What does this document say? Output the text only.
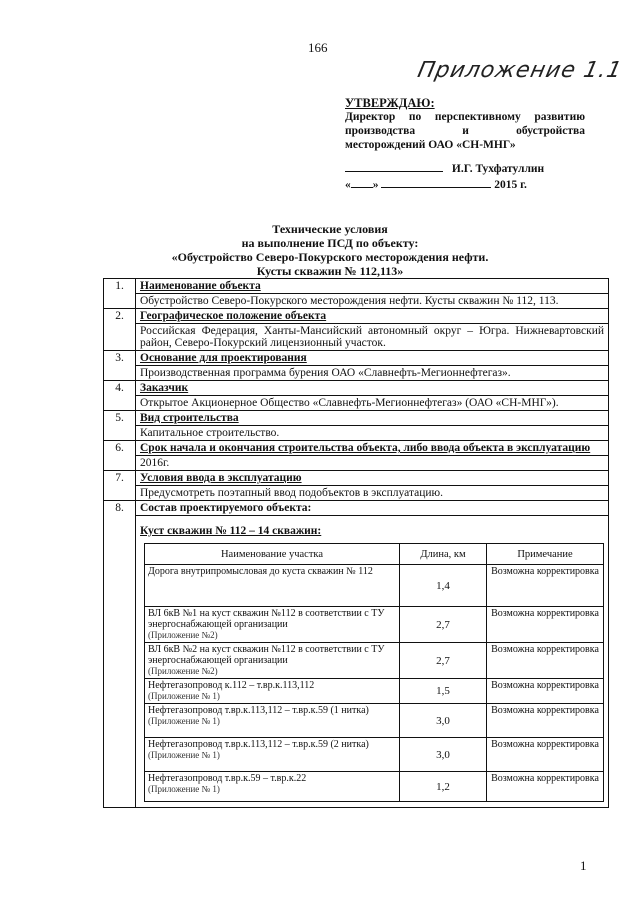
166
Приложение 1.1
УТВЕРЖДАЮ:
Директор по перспективному развитию
производства и обустройства
месторождений ОАО «СН-МНГ»
И.Г. Тухфатуллин
« »	2015 г.
Технические условия
на выполнение ПСД по объекту:
«Обустройство Северо-Покурского месторождения нефти.
Кусты скважин № 112,113»
1.	Наименование объекта
Обустройство Северо-Покурского месторождения нефти. Кусты скважин № 112, 113.
2.	Географическое положение объекта
Российская Федерация, Ханты-Мансийский автономный округ – Югра. Нижневартовский район, Северо-Покурский лицензионный участок.
3.	Основание для проектирования
Производственная программа бурения ОАО «Славнефть-Мегионнефтегаз».
4.	Заказчик
Открытое Акционерное Общество «Славнефть-Мегионнефтегаз» (ОАО «СН-МНГ»).
5.	Вид строительства
Капитальное строительство.
6.	Срок начала и окончания строительства объекта, либо ввода объекта в эксплуатацию
2016г.
7.	Условия ввода в эксплуатацию
Предусмотреть поэтапный ввод подобъектов в эксплуатацию.
8.	Состав проектируемого объекта:

Куст скважин № 112 – 14 скважин:
Наименование участка	Длина, км	Примечание
Дорога внутрипромысловая до куста скважин № 112	1,4	Возможна корректировка
ВЛ 6кВ №1 на куст скважин №112 в соответствии с ТУ энергоснабжающей организации
(Приложение №2)	2,7	Возможна корректировка
ВЛ 6кВ №2 на куст скважин №112 в соответствии с ТУ энергоснабжающей организации
(Приложение №2)	2,7	Возможна корректировка
Нефтегазопровод к.112 – т.вр.к.113,112
(Приложение № 1)	1,5	Возможна корректировка
Нефтегазопровод т.вр.к.113,112 – т.вр.к.59 (1 нитка)
(Приложение № 1)	3,0	Возможна корректировка
Нефтегазопровод т.вр.к.113,112 – т.вр.к.59 (2 нитка)
(Приложение № 1)	3,0	Возможна корректировка
Нефтегазопровод т.вр.к.59 – т.вр.к.22
(Приложение № 1)	1,2	Возможна корректировка
1
